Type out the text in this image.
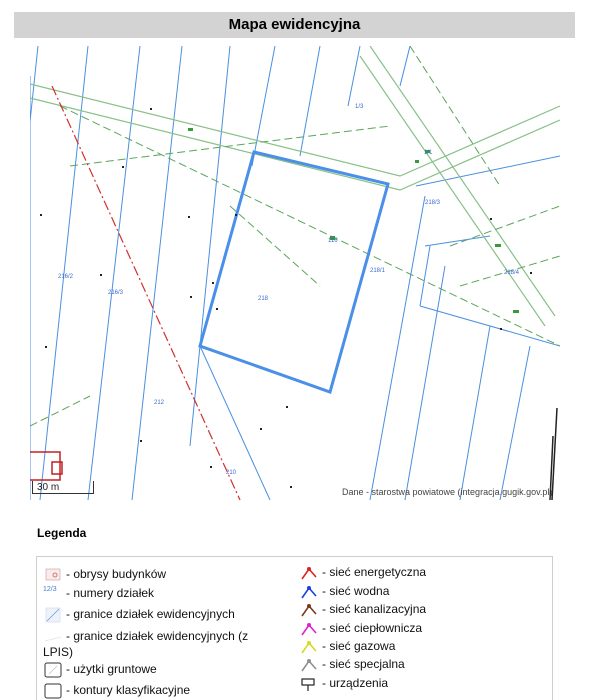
Mapa ewidencyjna
1/3
1/1
116
218/3
218
216/2
216/3
212
218/1	218/4
210
30 m	Dane - starostwa powiatowe (integracja.gugik.gov.pl)
Legenda
- obrysy budynków
12/3 - numery działek
- granice działek ewidencyjnych
- granice działek ewidencyjnych (z LPIS)
- użytki gruntowe
- kontury klasyfikacyjne
- sieć energetyczna
- sieć wodna
- sieć kanalizacyjna
- sieć ciepłownicza
- sieć gazowa
- sieć specjalna
- urządzenia
